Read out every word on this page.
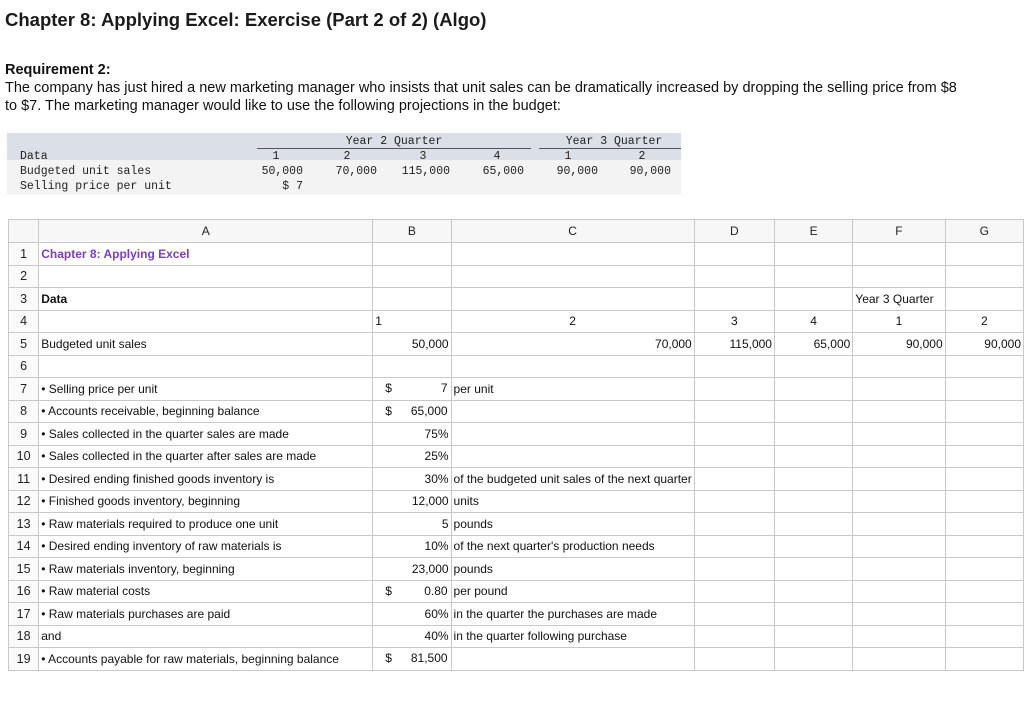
Chapter 8: Applying Excel: Exercise (Part 2 of 2) (Algo)
Requirement 2:
The company has just hired a new marketing manager who insists that unit sales can be dramatically increased by dropping the selling price from $8 to $7. The marketing manager would like to use the following projections in the budget:
Year 2 Quarter	Year 3 Quarter
Data	1	2	3	4	1	2
Budgeted unit sales	50,000	70,000	115,000	65,000	90,000	90,000
Selling price per unit	$ 7
	A	B	C	D	E	F	G
1	Chapter 8: Applying Excel						
2							
3	Data					Year 3 Quarter	
4		1	2	3	4	1	2
5	Budgeted unit sales	50,000	70,000	115,000	65,000	90,000	90,000
6							
7	• Selling price per unit	$ 7	per unit				
8	• Accounts receivable, beginning balance	$ 65,000					

9	• Sales collected in the quarter sales are made	75%					
10	• Sales collected in the quarter after sales are made	25%					
11	• Desired ending finished goods inventory is	30%	of the budgeted unit sales of the next quarter				
12	• Finished goods inventory, beginning	12,000	units				
13	• Raw materials required to produce one unit	5	pounds				
14	• Desired ending inventory of raw materials is	10%	of the next quarter's production needs				
15	• Raw materials inventory, beginning	23,000	pounds				
16	• Raw material costs	$ 0.80	per pound				
17	• Raw materials purchases are paid	60%	in the quarter the purchases are made				
18	and	40%	in the quarter following purchase				
19	• Accounts payable for raw materials, beginning balance	$ 81,500					
